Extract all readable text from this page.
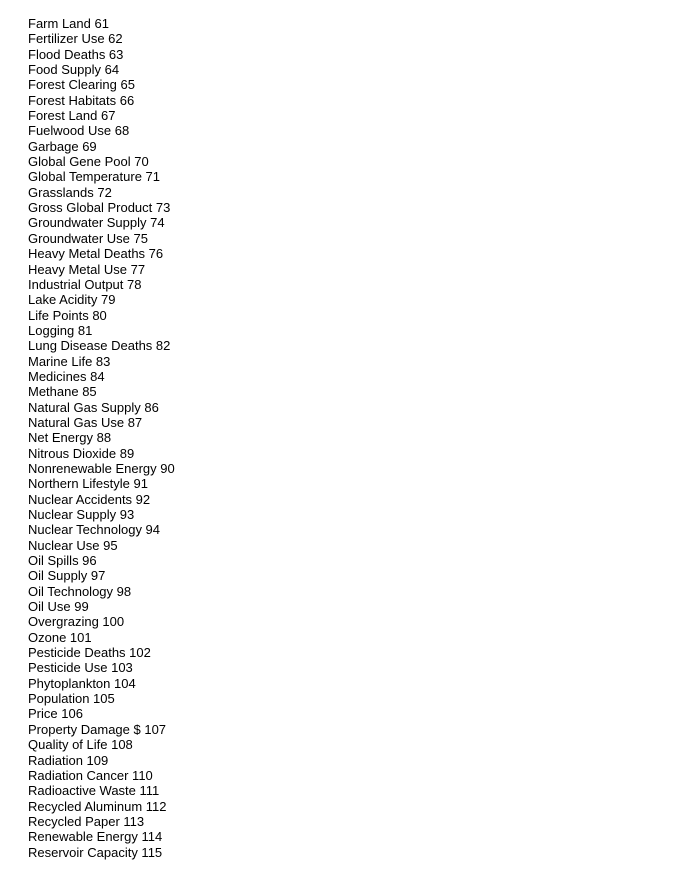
Farm Land 61
Fertilizer Use 62
Flood Deaths 63
Food Supply 64
Forest Clearing 65
Forest Habitats 66
Forest Land 67
Fuelwood Use 68
Garbage 69
Global Gene Pool 70
Global Temperature 71
Grasslands 72
Gross Global Product 73
Groundwater Supply 74
Groundwater Use 75
Heavy Metal Deaths 76
Heavy Metal Use 77
Industrial Output 78
Lake Acidity 79
Life Points 80
Logging 81
Lung Disease Deaths 82
Marine Life 83
Medicines 84
Methane 85
Natural Gas Supply 86
Natural Gas Use 87
Net Energy 88
Nitrous Dioxide 89
Nonrenewable Energy 90
Northern Lifestyle 91
Nuclear Accidents 92
Nuclear Supply 93
Nuclear Technology 94
Nuclear Use 95
Oil Spills 96
Oil Supply 97
Oil Technology 98
Oil Use 99
Overgrazing 100
Ozone 101
Pesticide Deaths 102
Pesticide Use 103
Phytoplankton 104
Population 105
Price 106
Property Damage $ 107
Quality of Life 108
Radiation 109
Radiation Cancer 110
Radioactive Waste 111
Recycled Aluminum 112
Recycled Paper 113
Renewable Energy 114
Reservoir Capacity 115
